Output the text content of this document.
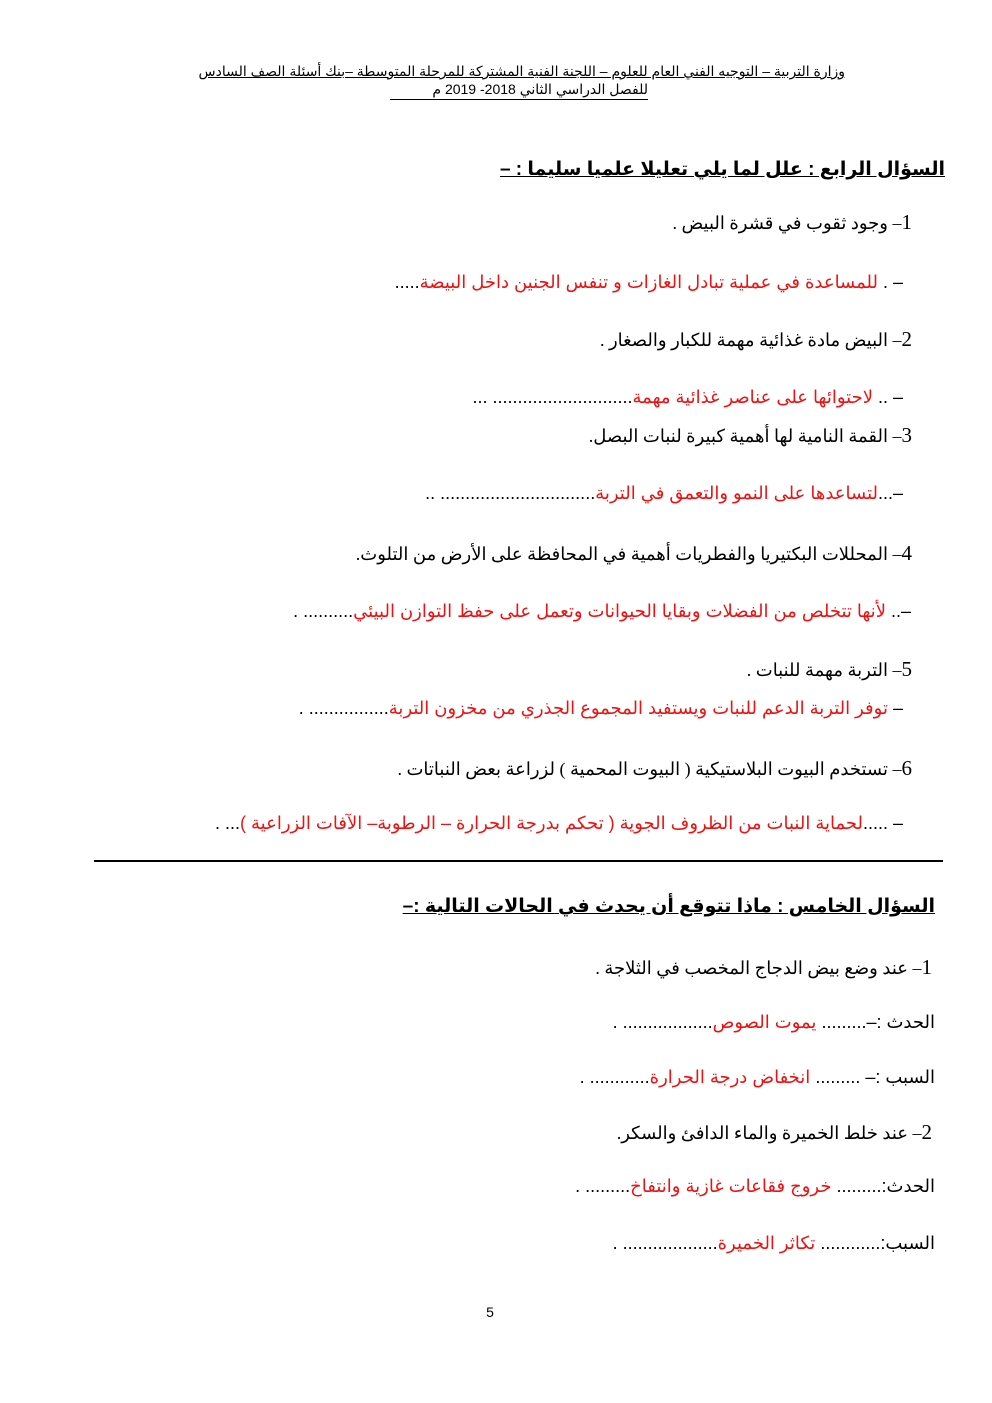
وزارة التربية – التوجيه الفني العام للعلوم – اللجنة الفنية المشتركة للمرحلة المتوسطة –بنك أسئلة الصف السادس
للفصل الدراسي الثاني 2018- 2019 م
السؤال الرابع : علل لما يلي تعليلا علميا سليما : –
1– وجود ثقوب في قشرة البيض .
– . للمساعدة في عملية تبادل الغازات و تنفس الجنين داخل البيضة.....
2– البيض مادة غذائية مهمة للكبار والصغار .
– .. لاحتوائها على عناصر غذائية مهمة............................ ...
3– القمة النامية لها أهمية كبيرة لنبات البصل.
–...لتساعدها على النمو والتعمق في التربة............................... ..
4– المحللات البكتيريا والفطريات أهمية في المحافظة على الأرض من التلوث.
–.. لأنها تتخلص من الفضلات وبقايا الحيوانات وتعمل على حفظ التوازن البيئي.......... .
5– التربة مهمة للنبات .
– توفر التربة الدعم للنبات ويستفيد المجموع الجذري من مخزون التربة................ .
6– تستخدم البيوت البلاستيكية ( البيوت المحمية ) لزراعة بعض النباتات .
– .....لحماية النبات من الظروف الجوية ( تحكم بدرجة الحرارة – الرطوبة– الآفات الزراعية )... .
السؤال الخامس : ماذا تتوقع أن يحدث في الحالات التالية :–
1– عند وضع بيض الدجاج المخصب في الثلاجة .
الحدث :–......... يموت الصوص.................. .
السبب :– ......... انخفاض درجة الحرارة............ .
2– عند خلط الخميرة والماء الدافئ والسكر.
الحدث:......... خروج فقاعات غازية وانتفاخ......... .
السبب:............ تكاثر الخميرة................... .
5
